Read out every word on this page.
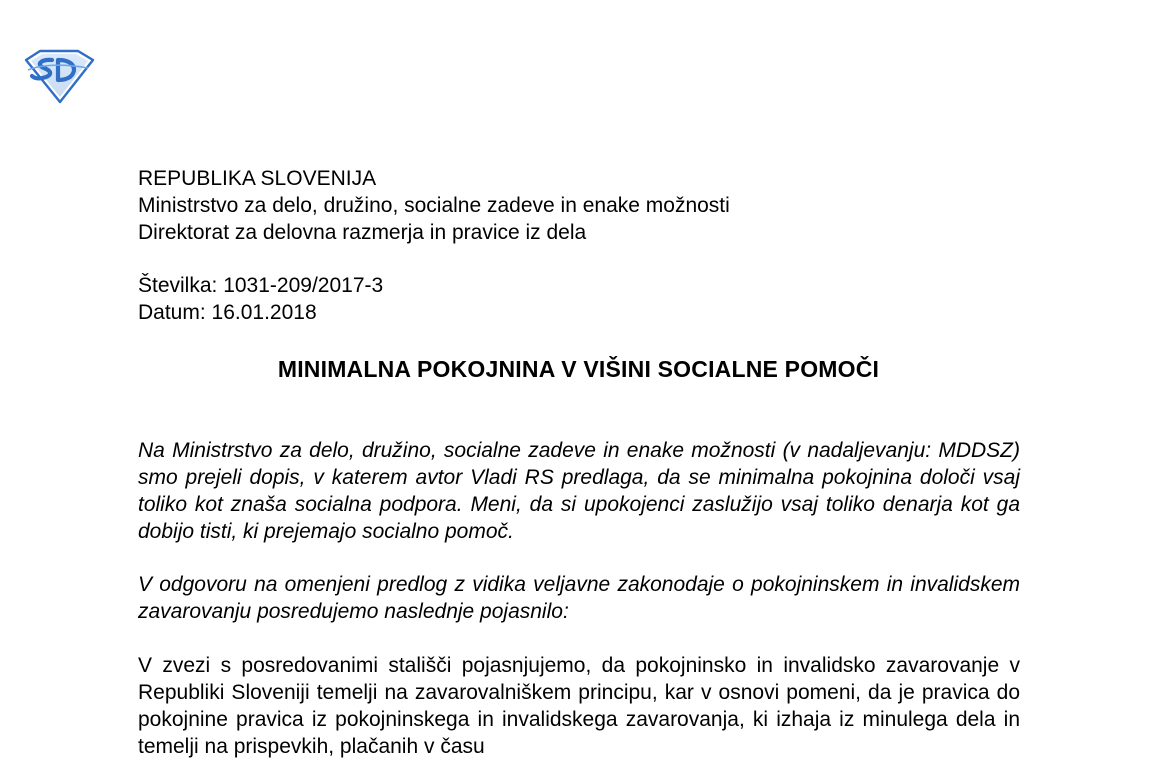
REPUBLIKA SLOVENIJA
Ministrstvo za delo, družino, socialne zadeve in enake možnosti
Direktorat za delovna razmerja in pravice iz dela
Številka: 1031-209/2017-3
Datum: 16.01.2018
MINIMALNA POKOJNINA V VIŠINI SOCIALNE POMOČI
Na Ministrstvo za delo, družino, socialne zadeve in enake možnosti (v nadaljevanju: MDDSZ) smo prejeli dopis, v katerem avtor Vladi RS predlaga, da se minimalna pokojnina določi vsaj toliko kot znaša socialna podpora. Meni, da si upokojenci zaslužijo vsaj toliko denarja kot ga dobijo tisti, ki prejemajo socialno pomoč.
V odgovoru na omenjeni predlog z vidika veljavne zakonodaje o pokojninskem in invalidskem zavarovanju posredujemo naslednje pojasnilo:
V zvezi s posredovanimi stališči pojasnjujemo, da pokojninsko in invalidsko zavarovanje v Republiki Sloveniji temelji na zavarovalniškem principu, kar v osnovi pomeni, da je pravica do pokojnine pravica iz pokojninskega in invalidskega zavarovanja, ki izhaja iz minulega dela in temelji na prispevkih, plačanih v času
